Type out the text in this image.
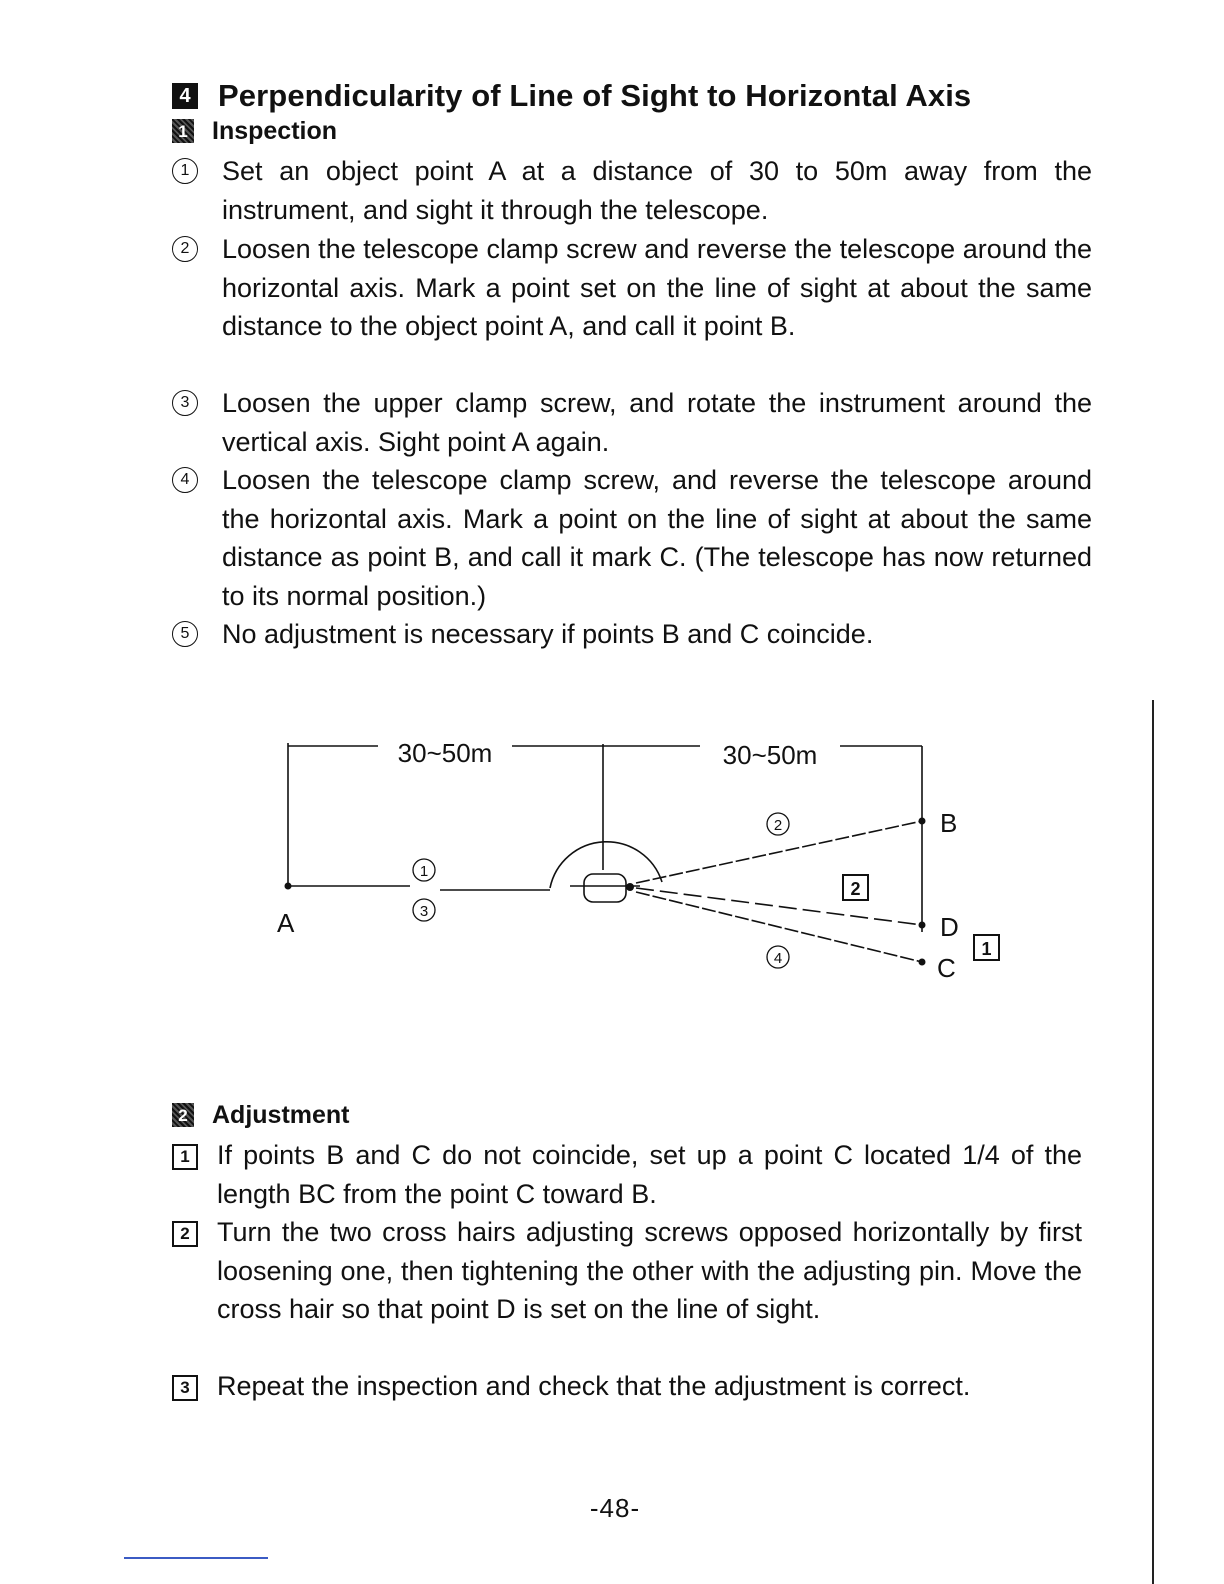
4 Perpendicularity of Line of Sight to Horizontal Axis
1 Inspection
1	Set an object point A at a distance of 30 to 50m away from the instrument, and sight it through the telescope.
2	Loosen the telescope clamp screw and reverse the telescope around the horizontal axis. Mark a point set on the line of sight at about the same distance to the object point A, and call it point B.
3	Loosen the upper clamp screw, and rotate the instrument around the vertical axis. Sight point A again.
4	Loosen the telescope clamp screw, and reverse the telescope around the horizontal axis. Mark a point on the line of sight at about the same distance as point B, and call it mark C. (The telescope has now returned to its normal position.)
5	No adjustment is necessary if points B and C coincide.
30~50m	30~50m
A
B
D
C
1
3
2
4
2
1
2 Adjustment
1	If points B and C do not coincide, set up a point C located 1/4 of the length BC from the point C toward B.
2	Turn the two cross hairs adjusting screws opposed horizontally by first loosening one, then tightening the other with the adjusting pin. Move the cross hair so that point D is set on the line of sight.
3	Repeat the inspection and check that the adjustment is correct.
-48-
